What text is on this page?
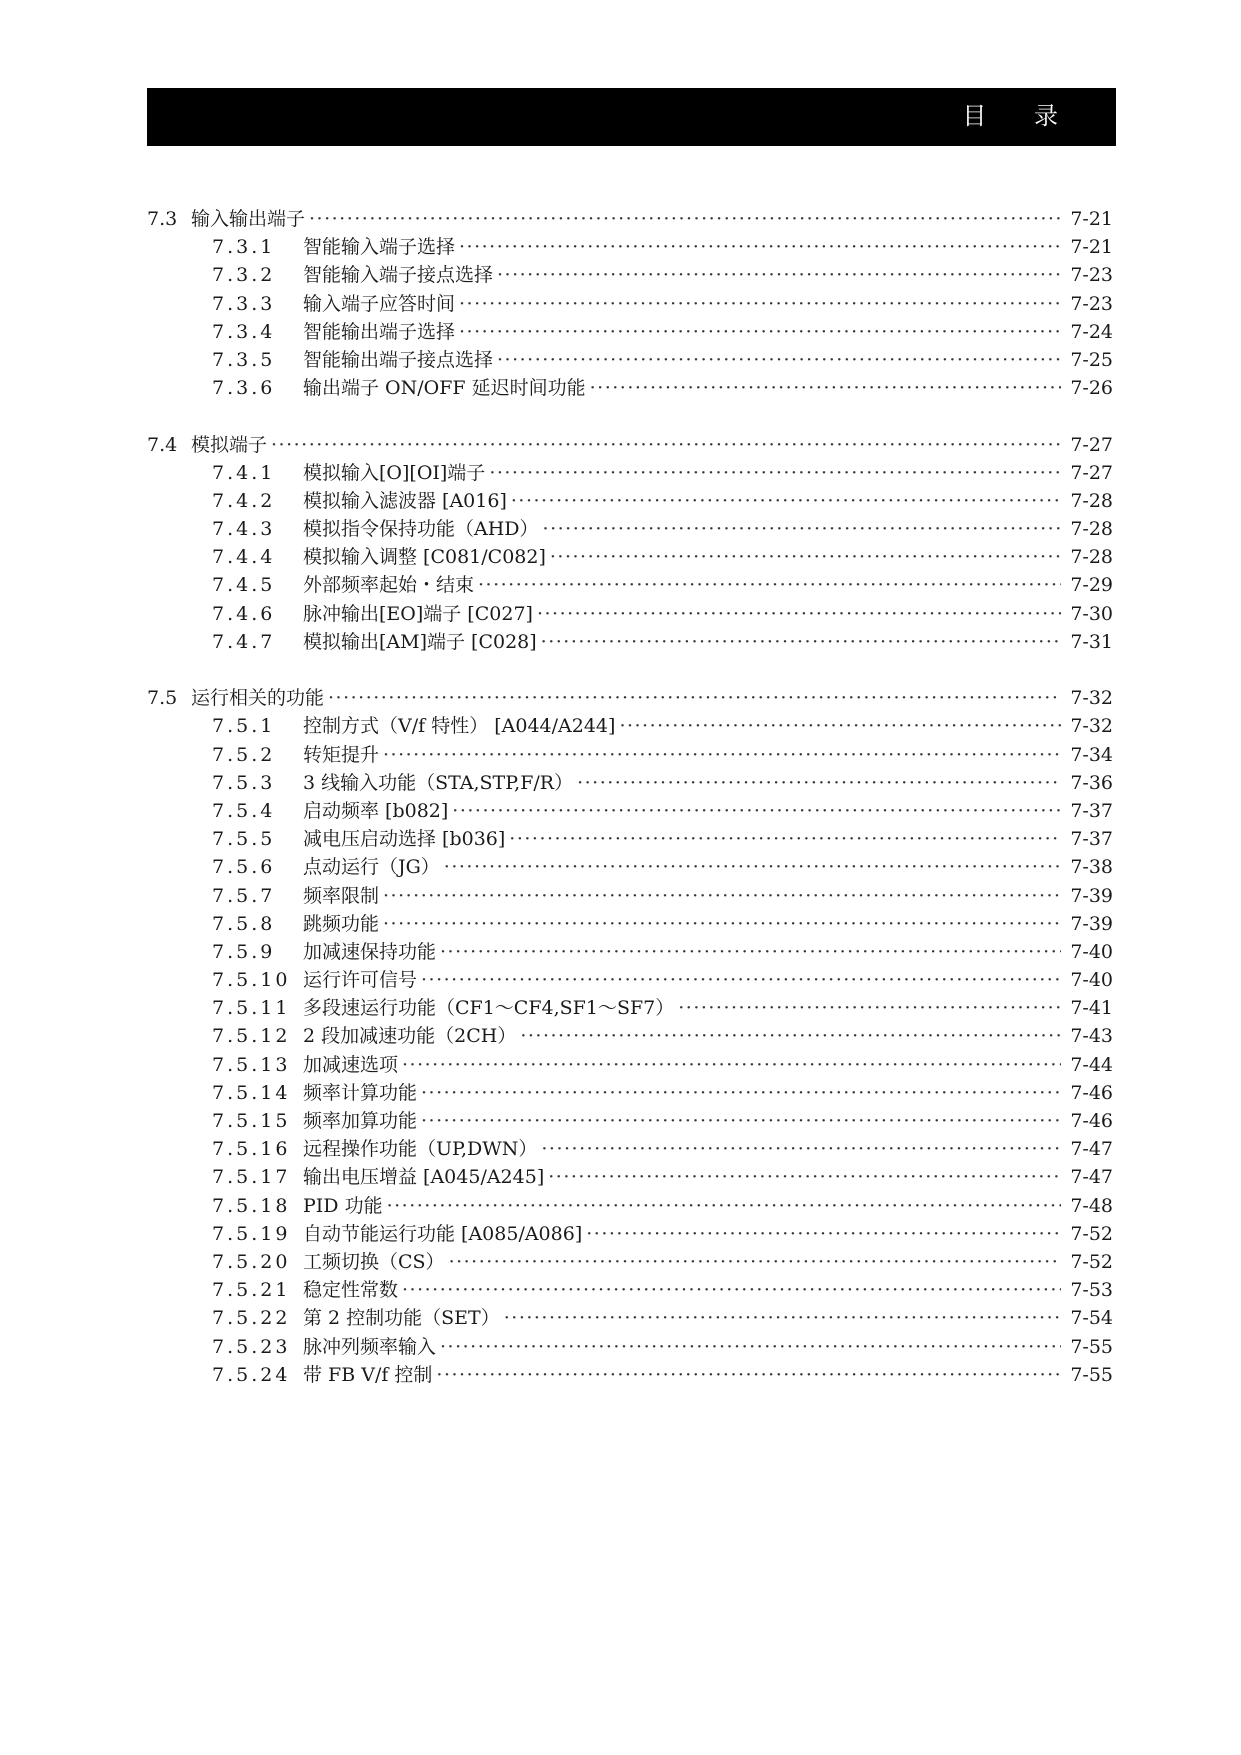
目 录
7.3 输入输出端子 ·····	7-21
7.3.1	智能输入端子选择 ·····	7-21
7.3.2	智能输入端子接点选择 ·····	7-23
7.3.3	输入端子应答时间 ·····	7-23
7.3.4	智能输出端子选择 ·····	7-24
7.3.5	智能输出端子接点选择 ·····	7-25
7.3.6	输出端子 ON/OFF 延迟时间功能 ·····	7-26
7.4 模拟端子 ·····	7-27
7.4.1	模拟输入[O][OI]端子 ·····	7-27
7.4.2	模拟输入滤波器 [A016] ·····	7-28
7.4.3	模拟指令保持功能（AHD） ·····	7-28
7.4.4	模拟输入调整 [C081/C082] ·····	7-28
7.4.5	外部频率起始・结束 ·····	7-29
7.4.6	脉冲输出[EO]端子 [C027] ·····	7-30
7.4.7	模拟输出[AM]端子 [C028] ·····	7-31
7.5 运行相关的功能 ·····	7-32
7.5.1	控制方式（V/f 特性） [A044/A244] ·····	7-32
7.5.2	转矩提升 ·····	7-34
7.5.3	3 线输入功能（STA,STP,F/R） ·····	7-36
7.5.4	启动频率 [b082] ·····	7-37
7.5.5	减电压启动选择 [b036] ·····	7-37
7.5.6	点动运行（JG） ·····	7-38
7.5.7	频率限制 ·····	7-39
7.5.8	跳频功能 ·····	7-39
7.5.9	加减速保持功能 ·····	7-40
7.5.10 运行许可信号 ·····	7-40
7.5.11 多段速运行功能（CF1～CF4,SF1～SF7） ·····	7-41
7.5.12 2 段加减速功能（2CH） ·····	7-43
7.5.13 加减速选项 ·····	7-44
7.5.14 频率计算功能 ·····	7-46
7.5.15 频率加算功能 ·····	7-46
7.5.16 远程操作功能（UP,DWN） ·····	7-47
7.5.17 输出电压增益 [A045/A245] ·····	7-47
7.5.18 PID 功能 ·····	7-48
7.5.19 自动节能运行功能 [A085/A086] ·····	7-52
7.5.20 工频切换（CS） ·····	7-52
7.5.21 稳定性常数 ·····	7-53
7.5.22 第 2 控制功能（SET） ·····	7-54
7.5.23 脉冲列频率输入 ·····	7-55
7.5.24 带 FB V/f 控制 ·····	7-55
